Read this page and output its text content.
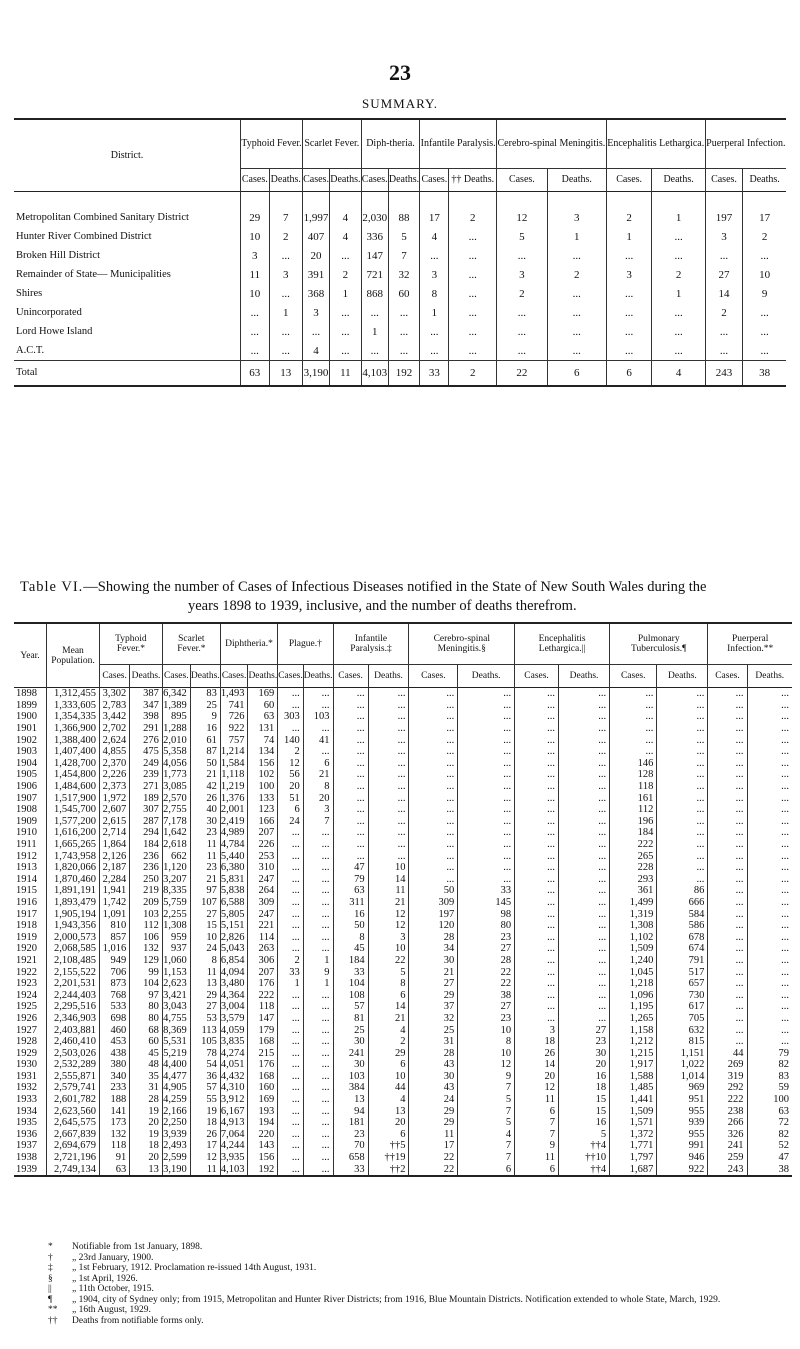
23
SUMMARY.
District.	Typhoid Fever.		Scarlet Fever.		Diph-theria.		Infantile Paralysis.		Cerebro-spinal Meningitis.		Encephalitis Lethargica.		Puerperal Infection.	
	Cases.	Deaths.	Cases.	Deaths.	Cases.	Deaths.	Cases.	†† Deaths.	Cases.	Deaths.	Cases.	Deaths.	Cases.	Deaths.
Metropolitan Combined Sanitary District	29	7	1,997	4	2,030	88	17	2	12	3	2	1	197	17
Hunter River Combined District	10	2	407	4	336	5	4	...	5	1	1	...	3	2
Broken Hill District	3	...	20	...	147	7	...	...	...	...	...	...	...	...
Remainder of State— Municipalities	11	3	391	2	721	32	3	...	3	2	3	2	27	10
Shires	10	...	368	1	868	60	8	...	2	...	...	1	14	9
Unincorporated	...	1	3	...	...	...	1	...	...	...	...	...	2	...
Lord Howe Island	...	...	...	...	1	...	...	...	...	...	...	...	...	...
A.C.T.	...	...	4	...	...	...	...	...	...	...	...	...	...	...
Total	63	13	3,190	11	4,103	192	33	2	22	6	6	4	243	38
Table VI.—Showing the number of Cases of Infectious Diseases notified in the State of New South Wales during the
years 1898 to 1939, inclusive, and the number of deaths therefrom.
Year.	Mean Population.	Typhoid Fever.*		Scarlet Fever.*		Diphtheria.*		Plague.†		Infantile Paralysis.‡		Cerebro-spinal Meningitis.§		Encephalitis Lethargica.||		Pulmonary Tuberculosis.¶		Puerperal Infection.**	
		Cases.	Deaths.	Cases.	Deaths.	Cases.	Deaths.	Cases.	Deaths.	Cases.	Deaths.	Cases.	Deaths.	Cases.	Deaths.	Cases.	Deaths.	Cases.	Deaths.
1898	1,312,455	3,302	387	6,342	83	1,493	169	...	...	...	...	...	...	...	...	...	...	...	...
1899	1,333,605	2,783	347	1,389	25	741	60	...	...	...	...	...	...	...	...	...	...	...	...
1900	1,354,335	3,442	398	895	9	726	63	303	103	...	...	...	...	...	...	...	...	...	...
1901	1,366,900	2,702	291	1,288	16	922	131	...	...	...	...	...	...	...	...	...	...	...	...
1902	1,388,400	2,624	276	2,010	61	757	74	140	41	...	...	...	...	...	...	...	...	...	...
1903	1,407,400	4,855	475	5,358	87	1,214	134	2	...	...	...	...	...	...	...	...	...	...	...
1904	1,428,700	2,370	249	4,056	50	1,584	156	12	6	...	...	...	...	...	...	146	...	...	...
1905	1,454,800	2,226	239	1,773	21	1,118	102	56	21	...	...	...	...	...	...	128	...	...	...
1906	1,484,600	2,373	271	3,085	42	1,219	100	20	8	...	...	...	...	...	...	118	...	...	...
1907	1,517,900	1,972	189	2,570	26	1,376	133	51	20	...	...	...	...	...	...	161	...	...	...
1908	1,545,700	2,607	307	2,755	40	2,001	123	6	3	...	...	...	...	...	...	112	...	...	...
1909	1,577,200	2,615	287	7,178	30	2,419	166	24	7	...	...	...	...	...	...	196	...	...	...
1910	1,616,200	2,714	294	1,642	23	4,989	207	...	...	...	...	...	...	...	...	184	...	...	...
1911	1,665,265	1,864	184	2,618	11	4,784	226	...	...	...	...	...	...	...	...	222	...	...	...
1912	1,743,958	2,126	236	662	11	5,440	253	...	...	...	...	...	...	...	...	265	...	...	...
1913	1,820,066	2,187	236	1,120	23	6,380	310	...	...	47	10	...	...	...	...	228	...	...	...
1914	1,870,460	2,284	250	3,207	21	5,831	247	...	...	79	14	...	...	...	...	293	...	...	...
1915	1,891,191	1,941	219	8,335	97	5,838	264	...	...	63	11	50	33	...	...	361	86	...	...
1916	1,893,479	1,742	209	5,759	107	6,588	309	...	...	311	21	309	145	...	...	1,499	666	...	...
1917	1,905,194	1,091	103	2,255	27	5,805	247	...	...	16	12	197	98	...	...	1,319	584	...	...
1918	1,943,356	810	112	1,308	15	5,151	221	...	...	50	12	120	80	...	...	1,308	586	...	...
1919	2,000,573	857	106	959	10	2,826	114	...	...	8	3	28	23	...	...	1,102	678	...	...
1920	2,068,585	1,016	132	937	24	5,043	263	...	...	45	10	34	27	...	...	1,509	674	...	...
1921	2,108,485	949	129	1,060	8	6,854	306	2	1	184	22	30	28	...	...	1,240	791	...	...
1922	2,155,522	706	99	1,153	11	4,094	207	33	9	33	5	21	22	...	...	1,045	517	...	...
1923	2,201,531	873	104	2,623	13	3,480	176	1	1	104	8	27	22	...	...	1,218	657	...	...
1924	2,244,403	768	97	3,421	29	4,364	222	...	...	108	6	29	38	...	...	1,096	730	...	...
1925	2,295,516	533	80	3,043	27	3,004	118	...	...	57	14	37	27	...	...	1,195	617	...	...
1926	2,346,903	698	80	4,755	53	3,579	147	...	...	81	21	32	23	...	...	1,265	705	...	...
1927	2,403,881	460	68	8,369	113	4,059	179	...	...	25	4	25	10	3	27	1,158	632	...	...
1928	2,460,410	453	60	5,531	105	3,835	168	...	...	30	2	31	8	18	23	1,212	815	...	...
1929	2,503,026	438	45	5,219	78	4,274	215	...	...	241	29	28	10	26	30	1,215	1,151	44	79
1930	2,532,289	380	48	4,400	54	4,051	176	...	...	30	6	43	12	14	20	1,917	1,022	269	82
1931	2,555,871	340	35	4,477	36	4,432	168	...	...	103	10	30	9	20	16	1,588	1,014	319	83
1932	2,579,741	233	31	4,905	57	4,310	160	...	...	384	44	43	7	12	18	1,485	969	292	59
1933	2,601,782	188	28	4,259	55	3,912	169	...	...	13	4	24	5	11	15	1,441	951	222	100
1934	2,623,560	141	19	2,166	19	6,167	193	...	...	94	13	29	7	6	15	1,509	955	238	63
1935	2,645,575	173	20	2,250	18	4,913	194	...	...	181	20	29	5	7	16	1,571	939	266	72
1936	2,667,839	132	19	3,939	26	7,064	220	...	...	23	6	11	4	7	5	1,372	955	326	82
1937	2,694,679	118	18	2,493	17	4,244	143	...	...	70	††5	17	7	9	††4	1,771	991	241	52
1938	2,721,196	91	20	2,599	12	3,935	156	...	...	658	††19	22	7	11	††10	1,797	946	259	47
1939	2,749,134	63	13	3,190	11	4,103	192	...	...	33	††2	22	6	6	††4	1,687	922	243	38
* Notifiable from 1st January, 1898.
† „ 23rd January, 1900.
‡ „ 1st February, 1912. Proclamation re-issued 14th August, 1931.
§ „ 1st April, 1926.
|| „ 11th October, 1915.
¶ „ 1904, city of Sydney only; from 1915, Metropolitan and Hunter River Districts; from 1916, Blue Mountain Districts. Notification extended to whole State, March, 1929.
** „ 16th August, 1929.
†† Deaths from notifiable forms only.
